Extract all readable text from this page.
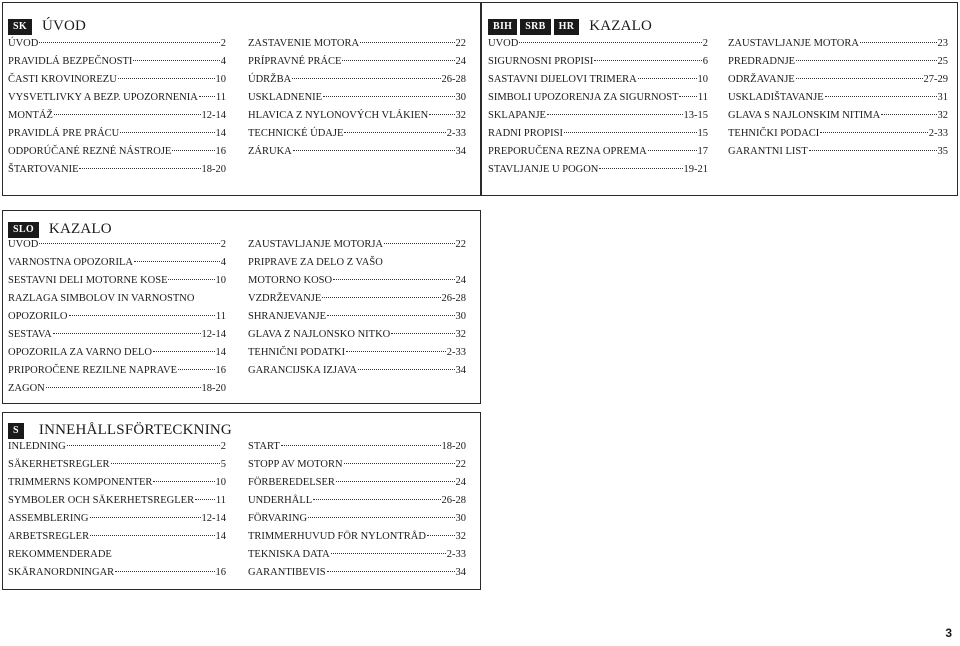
SK	ÚVOD
ÚVOD	2
PRAVIDLÁ BEZPEČNOSTI	4
ČASTI KROVINOREZU	10
VYSVETLIVKY A BEZP. UPOZORNENIA 11
MONTÁŽ	12-14
PRAVIDLÁ PRE PRÁCU	14
ODPORÚČANÉ REZNÉ NÁSTROJE	16
ŠTARTOVANIE	18-20
ZASTAVENIE MOTORA	22
PRÍPRAVNÉ PRÁCE	24
ÚDRŽBA	26-28
USKLADNENIE	30
HLAVICA Z NYLONOVÝCH VLÁKIEN	32
TECHNICKÉ ÚDAJE	2-33
ZÁRUKA	34
BIH	SRB	HR	KAZALO
UVOD	2
SIGURNOSNI PROPISI	6
SASTAVNI DIJELOVI TRIMERA	10
SIMBOLI UPOZORENJA ZA SIGURNOST 11
SKLAPANJE	13-15
RADNI PROPISI	15
PREPORUČENA REZNA OPREMA	17
STAVLJANJE U POGON	19-21
ZAUSTAVLJANJE MOTORA	23
PREDRADNJE	25
ODRŽAVANJE	27-29
USKLADIŠTAVANJE	31
GLAVA S NAJLONSKIM NITIMA	32
TEHNIČKI PODACI	2-33
GARANTNI LIST	35
SLO	KAZALO
UVOD	2
VARNOSTNA OPOZORILA	4
SESTAVNI DELI MOTORNE KOSE	10
RAZLAGA SIMBOLOV IN VARNOSTNO
OPOZORILO	11
SESTAVA	12-14
OPOZORILA ZA VARNO DELO	14
PRIPOROČENE REZILNE NAPRAVE	16
ZAGON	18-20
ZAUSTAVLJANJE MOTORJA	22
PRIPRAVE ZA DELO Z VAŠO
MOTORNO KOSO	24
VZDRŽEVANJE	26-28
SHRANJEVANJE	30
GLAVA Z NAJLONSKO NITKO	32
TEHNIČNI PODATKI	2-33
GARANCIJSKA IZJAVA	34
S	INNEHÅLLSFÖRTECKNING
INLEDNING	2
SÄKERHETSREGLER	5
TRIMMERNS KOMPONENTER	10
SYMBOLER OCH SÄKERHETSREGLER 11
ASSEMBLERING	12-14
ARBETSREGLER	14
REKOMMENDERADE
SKÄRANORDNINGAR	16
START	18-20
STOPP AV MOTORN	22
FÖRBEREDELSER	24
UNDERHÅLL	26-28
FÖRVARING	30
TRIMMERHUVUD FÖR NYLONTRÅD	32
TEKNISKA DATA	2-33
GARANTIBEVIS	34
3
